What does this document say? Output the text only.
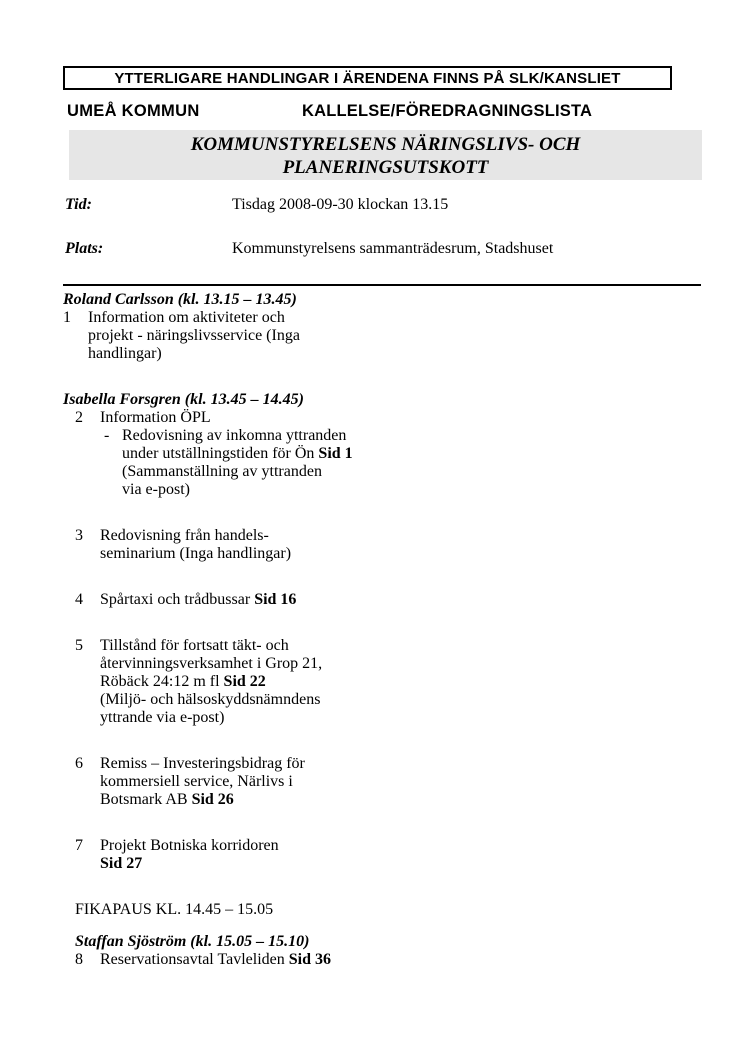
YTTERLIGARE HANDLINGAR I ÄRENDENA FINNS PÅ SLK/KANSLIET
UMEÅ KOMMUN	KALLELSE/FÖREDRAGNINGSLISTA
KOMMUNSTYRELSENS NÄRINGSLIVS- OCH
PLANERINGSUTSKOTT
Tid:	Tisdag 2008-09-30 klockan 13.15
Plats:	Kommunstyrelsens sammanträdesrum, Stadshuset
Roland Carlsson (kl. 13.15 – 13.45)
1	Information om aktiviteter och
projekt - näringslivsservice (Inga
handlingar)
Isabella Forsgren (kl. 13.45 – 14.45)
2	Information ÖPL
- Redovisning av inkomna yttranden
under utställningstiden för Ön Sid 1
(Sammanställning av yttranden
via e-post)
3	Redovisning från handels-
seminarium (Inga handlingar)
4	Spårtaxi och trådbussar Sid 16
5	Tillstånd för fortsatt täkt- och
återvinningsverksamhet i Grop 21,
Röbäck 24:12 m fl Sid 22
(Miljö- och hälsoskyddsnämndens
yttrande via e-post)
6	Remiss – Investeringsbidrag för
kommersiell service, Närlivs i
Botsmark AB Sid 26
7	Projekt Botniska korridoren
Sid 27
FIKAPAUS KL. 14.45 – 15.05
Staffan Sjöström (kl. 15.05 – 15.10)
8	Reservationsavtal Tavleliden Sid 36
